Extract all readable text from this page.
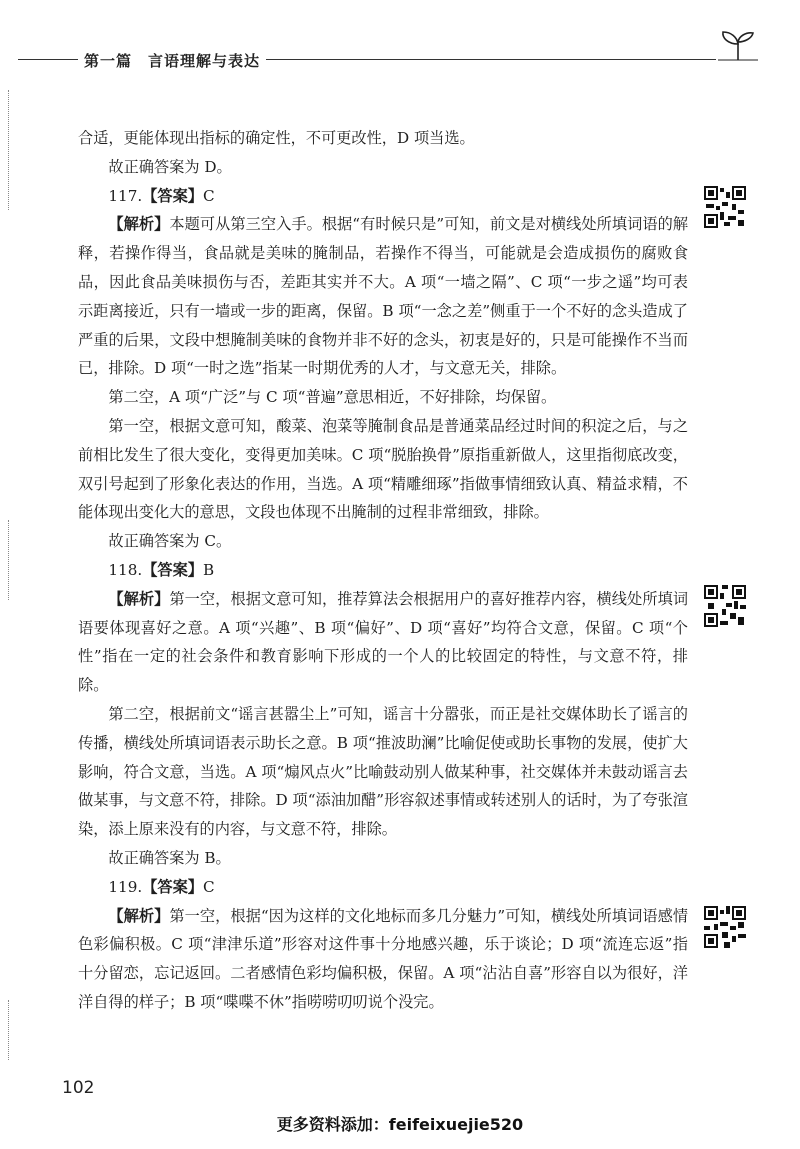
第一篇　言语理解与表达

合适，更能体现出指标的确定性，不可更改性，D 项当选。

故正确答案为 D。

117.【答案】C

【解析】本题可从第三空入手。根据“有时候只是”可知，前文是对横线处所填词语的解释，若操作得当，食品就是美味的腌制品，若操作不得当，可能就是会造成损伤的腐败食品，因此食品美味损伤与否，差距其实并不大。A 项“一墙之隔”、C 项“一步之遥”均可表示距离接近，只有一墙或一步的距离，保留。B 项“一念之差”侧重于一个不好的念头造成了严重的后果，文段中想腌制美味的食物并非不好的念头，初衷是好的，只是可能操作不当而已，排除。D 项“一时之选”指某一时期优秀的人才，与文意无关，排除。

第二空，A 项“广泛”与 C 项“普遍”意思相近，不好排除，均保留。

第一空，根据文意可知，酸菜、泡菜等腌制食品是普通菜品经过时间的积淀之后，与之前相比发生了很大变化，变得更加美味。C 项“脱胎换骨”原指重新做人，这里指彻底改变，双引号起到了形象化表达的作用，当选。A 项“精雕细琢”指做事情细致认真、精益求精，不能体现出变化大的意思，文段也体现不出腌制的过程非常细致，排除。

故正确答案为 C。

118.【答案】B

【解析】第一空，根据文意可知，推荐算法会根据用户的喜好推荐内容，横线处所填词语要体现喜好之意。A 项“兴趣”、B 项“偏好”、D 项“喜好”均符合文意，保留。C 项“个性”指在一定的社会条件和教育影响下形成的一个人的比较固定的特性，与文意不符，排除。

第二空，根据前文“谣言甚嚣尘上”可知，谣言十分嚣张，而正是社交媒体助长了谣言的传播，横线处所填词语表示助长之意。B 项“推波助澜”比喻促使或助长事物的发展，使扩大影响，符合文意，当选。A 项“煽风点火”比喻鼓动别人做某种事，社交媒体并未鼓动谣言去做某事，与文意不符，排除。D 项“添油加醋”形容叙述事情或转述别人的话时，为了夸张渲染，添上原来没有的内容，与文意不符，排除。

故正确答案为 B。

119.【答案】C

【解析】第一空，根据“因为这样的文化地标而多几分魅力”可知，横线处所填词语感情色彩偏积极。C 项“津津乐道”形容对这件事十分地感兴趣，乐于谈论；D 项“流连忘返”指十分留恋，忘记返回。二者感情色彩均偏积极，保留。A 项“沾沾自喜”形容自以为很好，洋洋自得的样子；B 项“喋喋不休”指唠唠叨叨说个没完。

102
更多资料添加：feifeixuejie520
